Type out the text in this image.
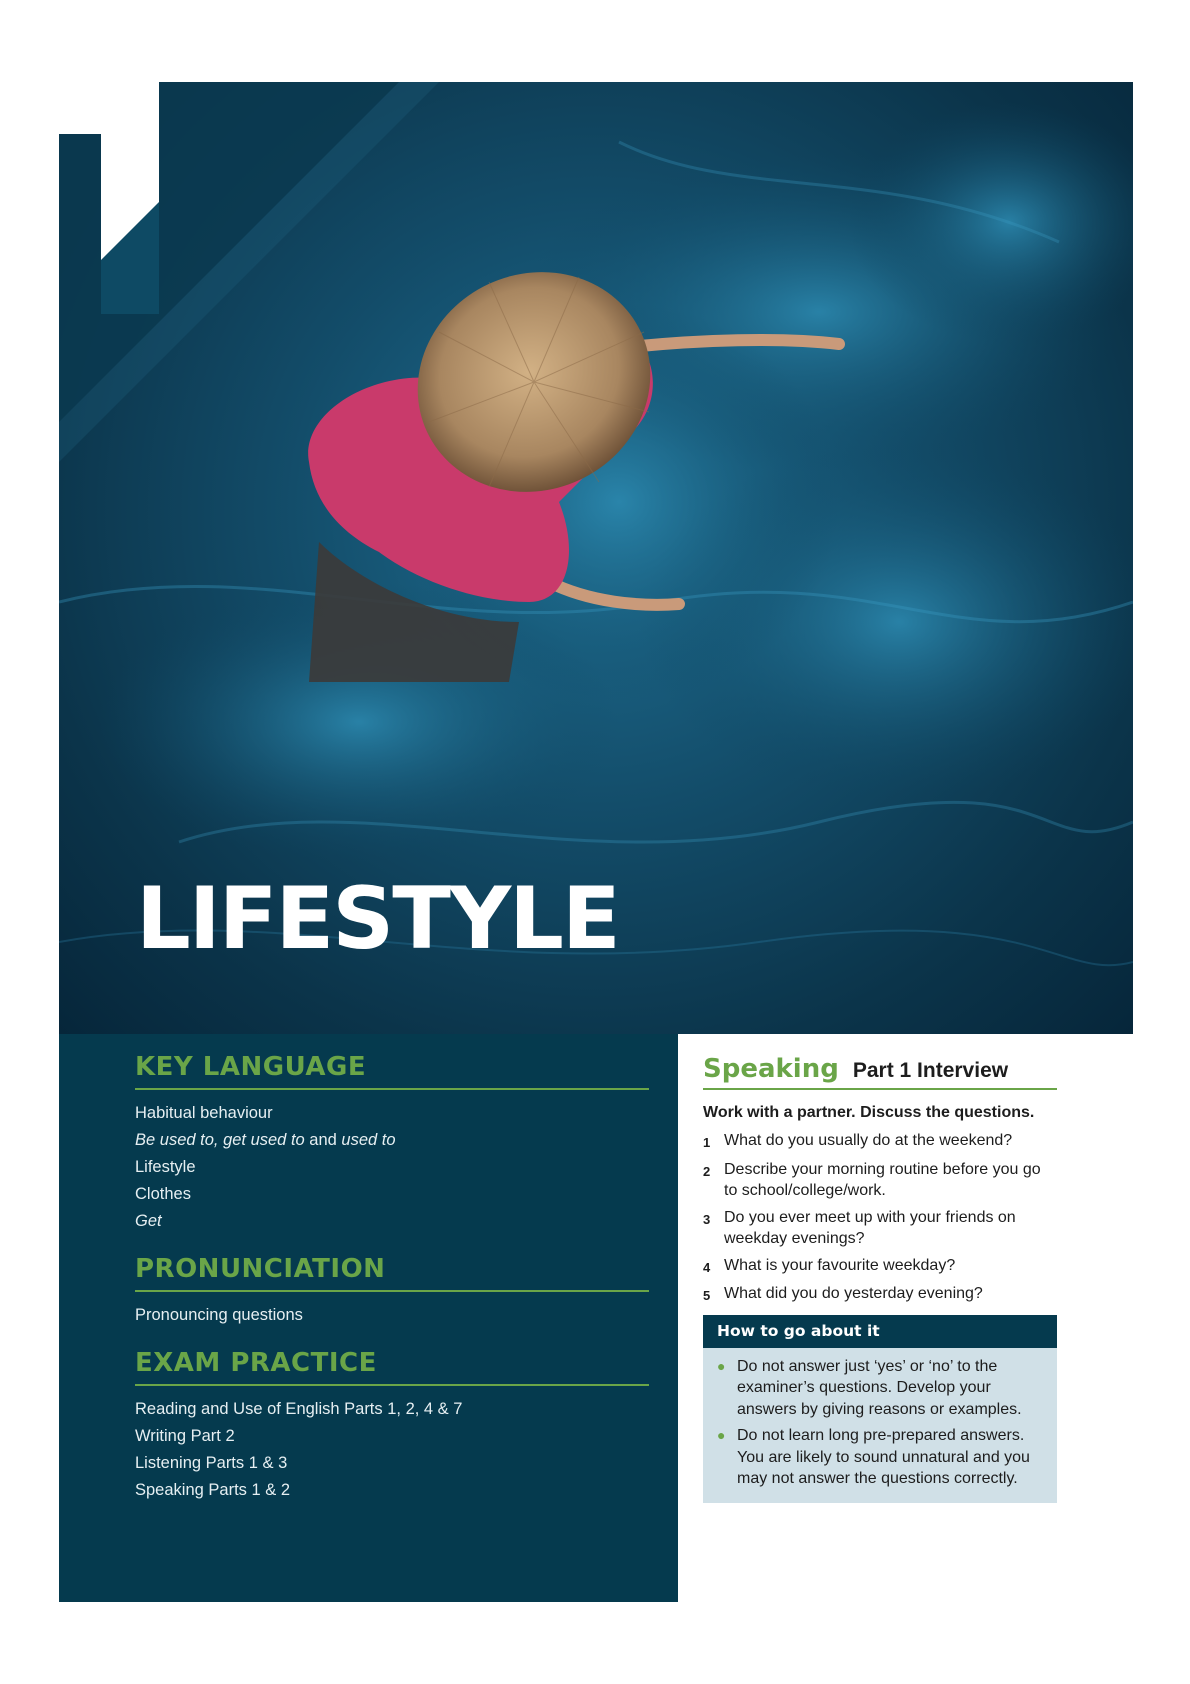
LIFESTYLE
KEY LANGUAGE
Habitual behaviour
Be used to, get used to and used to
Lifestyle
Clothes
Get
PRONUNCIATION
Pronouncing questions
EXAM PRACTICE
Reading and Use of English Parts 1, 2, 4 & 7
Writing Part 2
Listening Parts 1 & 3
Speaking Parts 1 & 2
Speaking Part 1 Interview

Work with a partner. Discuss the questions.

1 What do you usually do at the weekend?
2 Describe your morning routine before you go to school/college/work.
3 Do you ever meet up with your friends on weekday evenings?
4 What is your favourite weekday?
5 What did you do yesterday evening?
How to go about it
● Do not answer just ‘yes’ or ‘no’ to the examiner’s questions. Develop your answers by giving reasons or examples.
● Do not learn long pre-prepared answers. You are likely to sound unnatural and you may not answer the questions correctly.
